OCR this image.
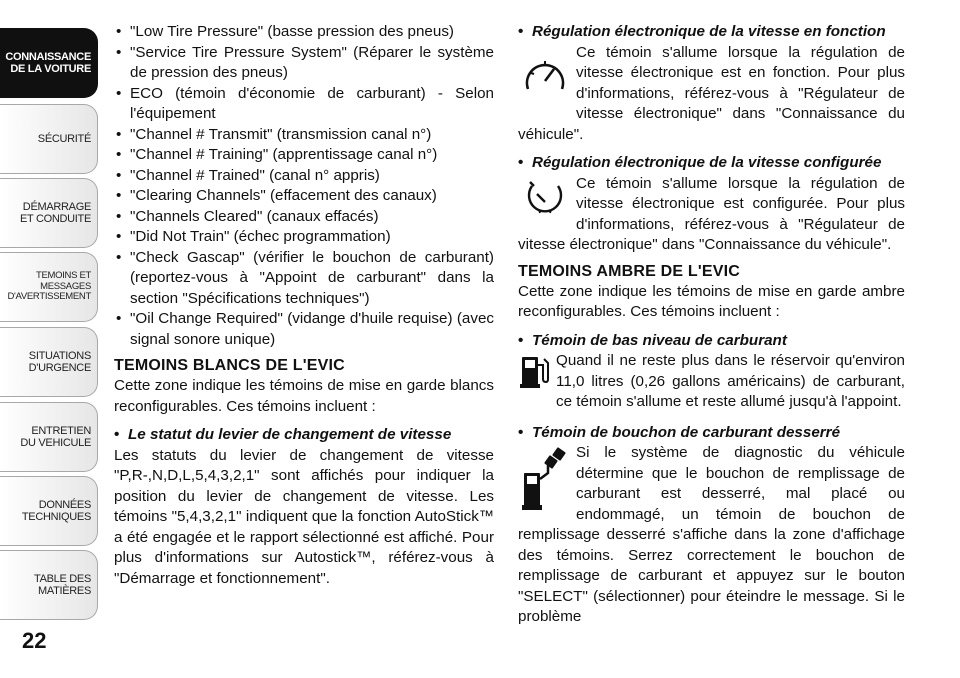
CONNAISSANCE
DE LA VOITURE
SÉCURITÉ
DÉMARRAGE
ET CONDUITE
TEMOINS ET
MESSAGES
D'AVERTISSEMENT
SITUATIONS
D'URGENCE
ENTRETIEN
DU VEHICULE
DONNÉES
TECHNIQUES
TABLE DES
MATIÈRES
22
• "Low Tire Pressure" (basse pression des pneus)
• "Service Tire Pressure System" (Réparer le système de pression des pneus)
• ECO (témoin d'économie de carburant) - Selon l'équipement
• "Channel # Transmit" (transmission canal n°)
• "Channel # Training" (apprentissage canal n°)
• "Channel # Trained" (canal n° appris)
• "Clearing Channels" (effacement des canaux)
• "Channels Cleared" (canaux effacés)
• "Did Not Train" (échec programmation)
• "Check Gascap" (vérifier le bouchon de carburant) (reportez-vous à "Appoint de carburant" dans la section "Spécifications techniques")
• "Oil Change Required" (vidange d'huile requise) (avec signal sonore unique)
TEMOINS BLANCS DE L'EVIC

Cette zone indique les témoins de mise en garde blancs reconfigurables. Ces témoins incluent :

• Le statut du levier de changement de vitesse

Les statuts du levier de changement de vitesse "P,R-,N,D,L,5,4,3,2,1" sont affichés pour indiquer la position du levier de changement de vitesse. Les témoins "5,4,3,2,1" indiquent que la fonction AutoStick™ a été engagée et le rapport sélectionné est affiché. Pour plus d'informations sur Autostick™, référez-vous à "Démarrage et fonctionnement".

• Régulation électronique de la vitesse en fonction

Ce témoin s'allume lorsque la régulation de vitesse électronique est en fonction. Pour plus d'informations, référez-vous à "Régulateur de vitesse électronique" dans "Connaissance du véhicule".

• Régulation électronique de la vitesse configurée

Ce témoin s'allume lorsque la régulation de vitesse électronique est configurée. Pour plus d'informations, référez-vous à "Régulateur de vitesse électronique" dans "Connaissance du véhicule".

TEMOINS AMBRE DE L'EVIC

Cette zone indique les témoins de mise en garde ambre reconfigurables. Ces témoins incluent :

• Témoin de bas niveau de carburant

Quand il ne reste plus dans le réservoir qu'environ 11,0 litres (0,26 gallons américains) de carburant, ce témoin s'allume et reste allumé jusqu'à l'appoint.

• Témoin de bouchon de carburant desserré

Si le système de diagnostic du véhicule détermine que le bouchon de remplissage de carburant est desserré, mal placé ou endommagé, un témoin de bouchon de remplissage desserré s'affiche dans la zone d'affichage des témoins. Serrez correctement le bouchon de remplissage de carburant et appuyez sur le bouton "SELECT" (sélectionner) pour éteindre le message. Si le problème
